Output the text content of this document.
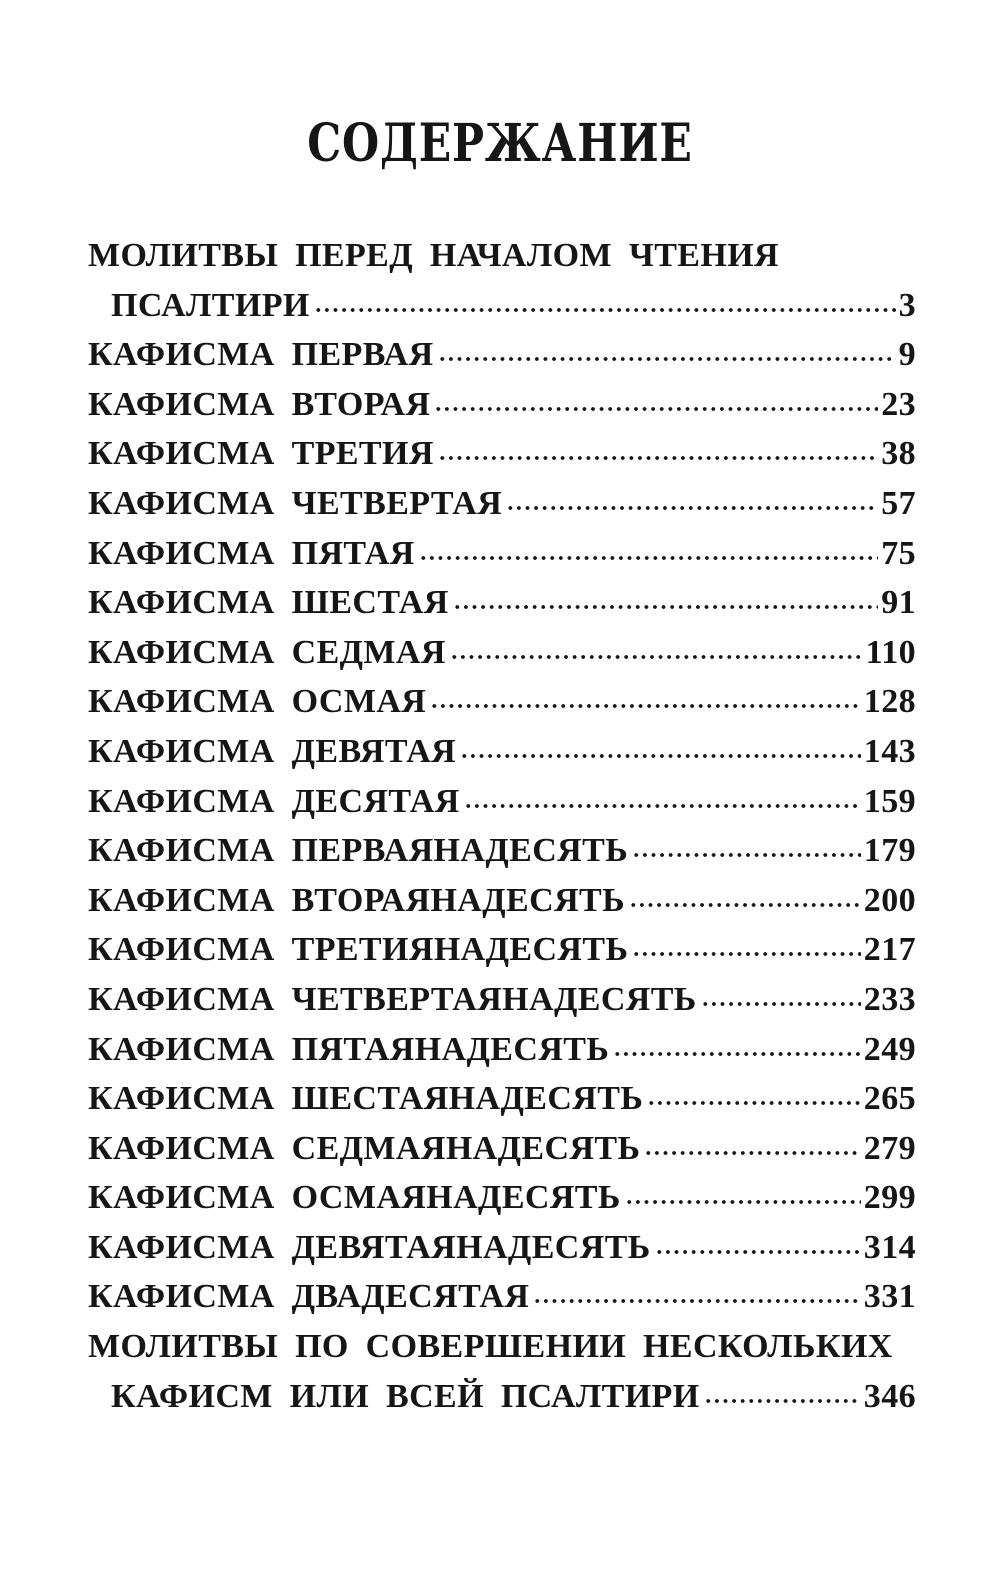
СОДЕРЖАНИЕ
МОЛИТВЫ ПЕРЕД НАЧАЛОМ ЧТЕНИЯ
ПСАЛТИРИ	3
КАФИСМА ПЕРВАЯ	9
КАФИСМА ВТОРАЯ	23
КАФИСМА ТРЕТИЯ	38
КАФИСМА ЧЕТВЕРТАЯ	57
КАФИСМА ПЯТАЯ	75
КАФИСМА ШЕСТАЯ	91
КАФИСМА СЕДМАЯ	110
КАФИСМА ОСМАЯ	128
КАФИСМА ДЕВЯТАЯ	143
КАФИСМА ДЕСЯТАЯ	159
КАФИСМА ПЕРВАЯНАДЕСЯТЬ	179
КАФИСМА ВТОРАЯНАДЕСЯТЬ	200
КАФИСМА ТРЕТИЯНАДЕСЯТЬ	217
КАФИСМА ЧЕТВЕРТАЯНАДЕСЯТЬ	233
КАФИСМА ПЯТАЯНАДЕСЯТЬ	249
КАФИСМА ШЕСТАЯНАДЕСЯТЬ	265
КАФИСМА СЕДМАЯНАДЕСЯТЬ	279
КАФИСМА ОСМАЯНАДЕСЯТЬ	299
КАФИСМА ДЕВЯТАЯНАДЕСЯТЬ	314
КАФИСМА ДВАДЕСЯТАЯ	331
МОЛИТВЫ ПО СОВЕРШЕНИИ НЕСКОЛЬКИХ
КАФИСМ ИЛИ ВСЕЙ ПСАЛТИРИ	346
